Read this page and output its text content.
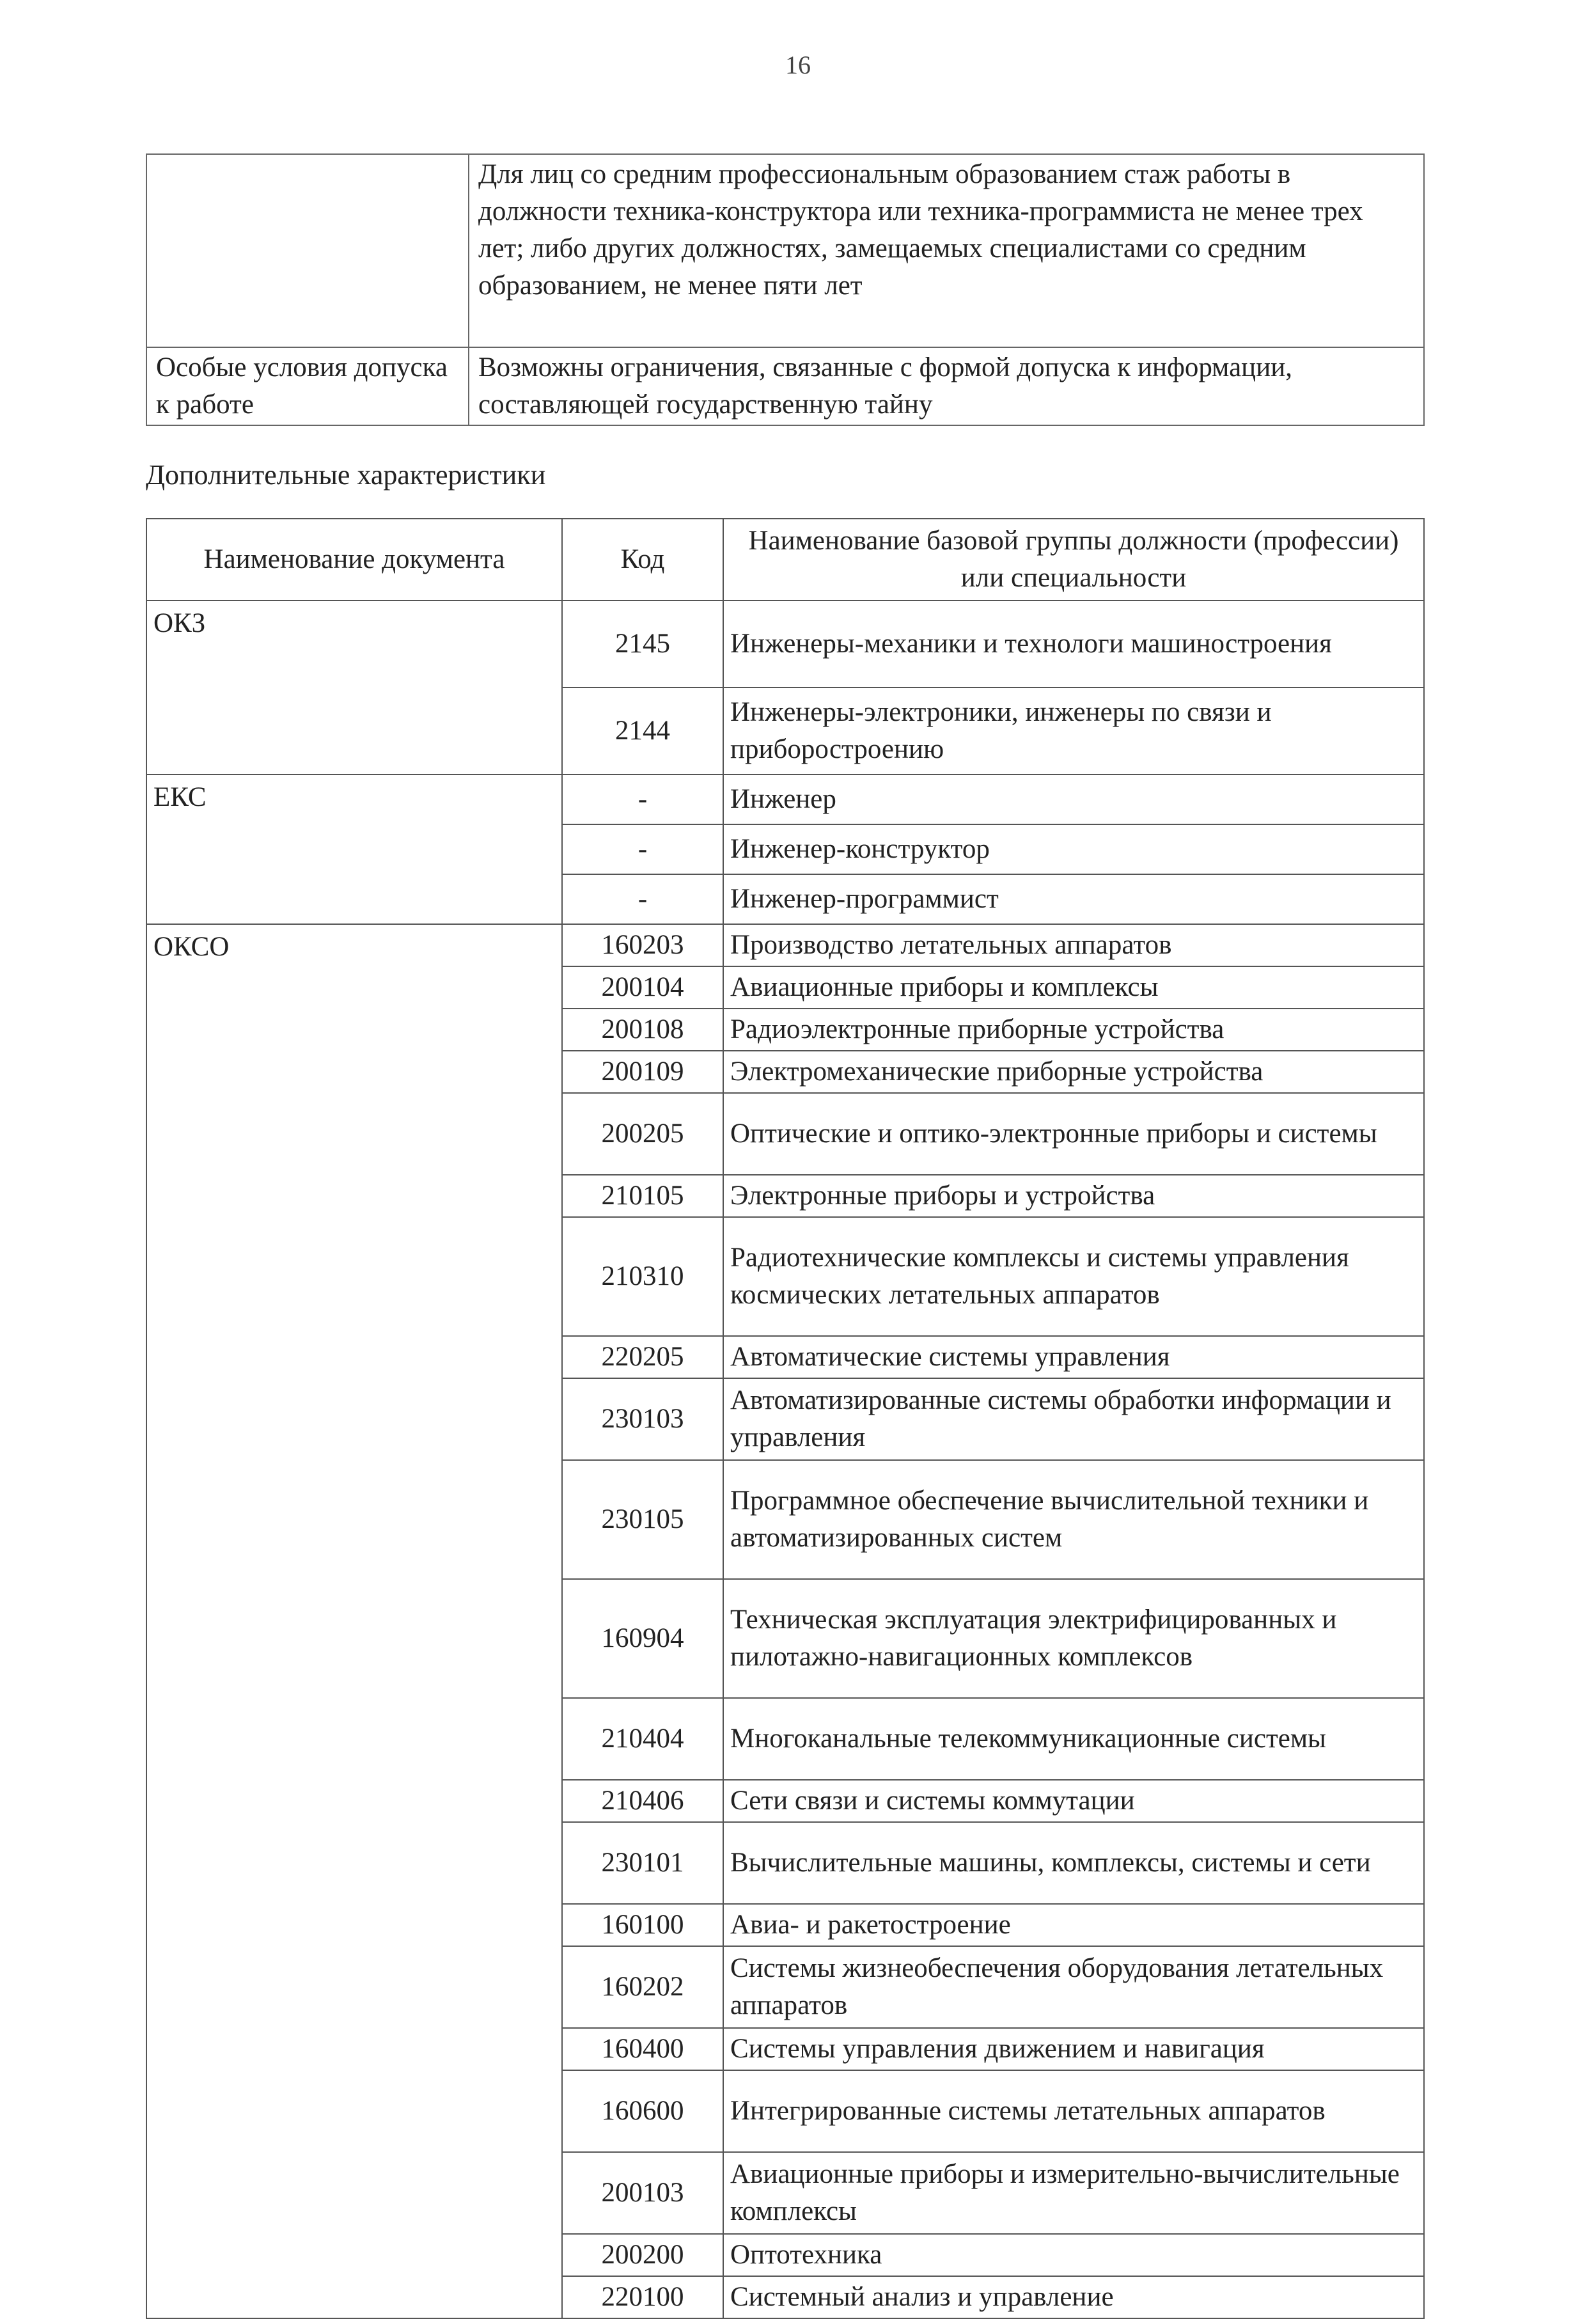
16
	Для лиц со средним профессиональным образованием стаж работы в должности техника-конструктора или техника-программиста не менее трех лет; либо других должностях, замещаемых специалистами со средним образованием, не менее пяти лет
Особые условия допуска к работе	Возможны ограничения, связанные с формой допуска к информации, составляющей государственную тайну
Дополнительные характеристики
Наименование документа	Код	Наименование базовой группы должности (профессии) или специальности
ОКЗ	2145	Инженеры-механики и технологи машиностроения
	2144	Инженеры-электроники, инженеры по связи и приборостроению
ЕКС	-	Инженер
	-	Инженер-конструктор
	-	Инженер-программист
ОКСО	160203	Производство летательных аппаратов
	200104	Авиационные приборы и комплексы
	200108	Радиоэлектронные приборные устройства
	200109	Электромеханические приборные устройства
	200205	Оптические и оптико-электронные приборы и системы
	210105	Электронные приборы и устройства
	210310	Радиотехнические комплексы и системы управления космических летательных аппаратов
	220205	Автоматические системы управления
	230103	Автоматизированные системы обработки информации и управления
	230105	Программное обеспечение вычислительной техники и автоматизированных систем
	160904	Техническая эксплуатация электрифицированных и пилотажно-навигационных комплексов
	210404	Многоканальные телекоммуникационные системы
	210406	Сети связи и системы коммутации
	230101	Вычислительные машины, комплексы, системы и сети
	160100	Авиа- и ракетостроение
	160202	Системы жизнеобеспечения оборудования летательных аппаратов
	160400	Системы управления движением и навигация
	160600	Интегрированные системы летательных аппаратов
	200103	Авиационные приборы и измерительно-вычислительные комплексы
	200200	Оптотехника
	220100	Системный анализ и управление
